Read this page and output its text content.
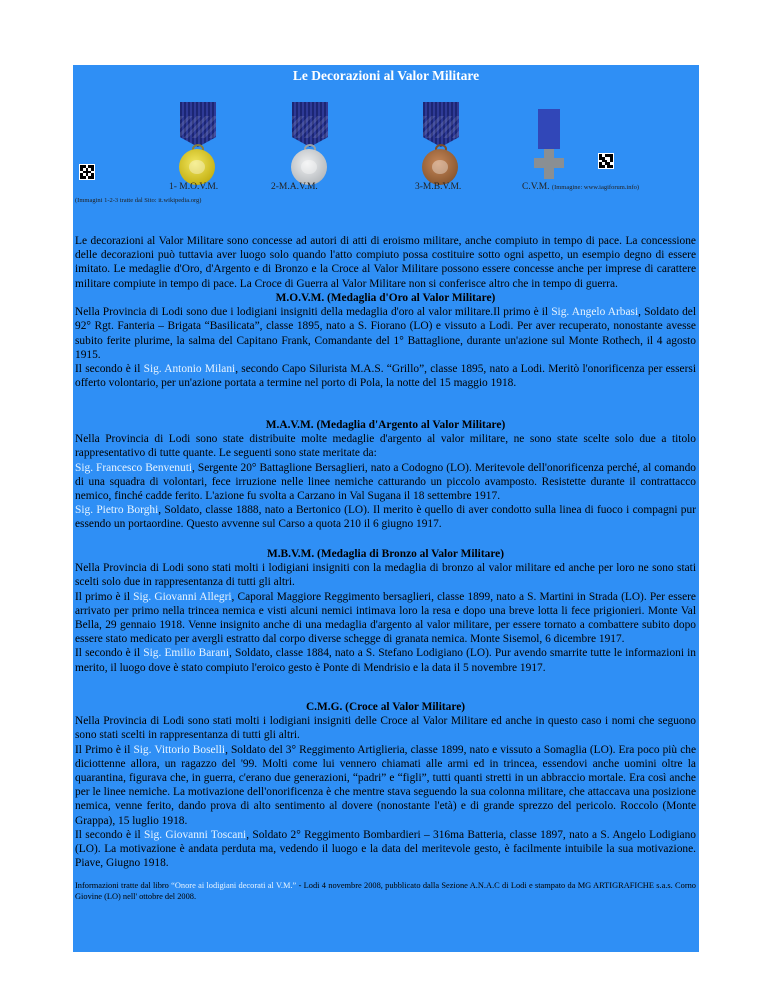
Le Decorazioni al Valor Militare
1- M.O.V.M.	2-M.A.V.M.	3-M.B.V.M.	C.V.M. (Immagine: www.iagiforum.info)
(Immagini 1-2-3 tratte dal Sito: it.wikipedia.org)

Le decorazioni al Valor Militare sono concesse ad autori di atti di eroismo militare, anche compiuto in tempo di pace. La concessione delle decorazioni può tuttavia aver luogo solo quando l'atto compiuto possa costituire sotto ogni aspetto, un esempio degno di essere imitato. Le medaglie d'Oro, d'Argento e di Bronzo e la Croce al Valor Militare possono essere concesse anche per imprese di carattere militare compiute in tempo di pace. La Croce di Guerra al Valor Militare non si conferisce altro che in tempo di guerra.

M.O.V.M. (Medaglia d'Oro al Valor Militare)

Nella Provincia di Lodi sono due i lodigiani insigniti della medaglia d'oro al valor militare.Il primo è il Sig. Angelo Arbasi, Soldato del 92° Rgt. Fanteria – Brigata “Basilicata”, classe 1895, nato a S. Fiorano (LO) e vissuto a Lodi. Per aver recuperato, nonostante avesse subito ferite plurime, la salma del Capitano Frank, Comandante del 1° Battaglione, durante un'azione sul Monte Rothech, il 4 agosto 1915.

Il secondo è il Sig. Antonio Milani, secondo Capo Silurista M.A.S. “Grillo”, classe 1895, nato a Lodi. Meritò l'onorificenza per essersi offerto volontario, per un'azione portata a termine nel porto di Pola, la notte del 15 maggio 1918.

M.A.V.M. (Medaglia d'Argento al Valor Militare)

Nella Provincia di Lodi sono state distribuite molte medaglie d'argento al valor militare, ne sono state scelte solo due a titolo rappresentativo di tutte quante. Le seguenti sono state meritate da:

Sig. Francesco Benvenuti, Sergente 20° Battaglione Bersaglieri, nato a Codogno (LO). Meritevole dell'onorificenza perché, al comando di una squadra di volontari, fece irruzione nelle linee nemiche catturando un piccolo avamposto. Resistette durante il contrattacco nemico, finché cadde ferito. L'azione fu svolta a Carzano in Val Sugana il 18 settembre 1917.

Sig. Pietro Borghi, Soldato, classe 1888, nato a Bertonico (LO). Il merito è quello di aver condotto sulla linea di fuoco i compagni pur essendo un portaordine. Questo avvenne sul Carso a quota 210 il 6 giugno 1917.

M.B.V.M. (Medaglia di Bronzo al Valor Militare)

Nella Provincia di Lodi sono stati molti i lodigiani insigniti con la medaglia di bronzo al valor militare ed anche per loro ne sono stati scelti solo due in rappresentanza di tutti gli altri.

Il primo è il Sig. Giovanni Allegri, Caporal Maggiore Reggimento bersaglieri, classe 1899, nato a S. Martini in Strada (LO). Per essere arrivato per primo nella trincea nemica e visti alcuni nemici intimava loro la resa e dopo una breve lotta li fece prigionieri. Monte Val Bella, 29 gennaio 1918. Venne insignito anche di una medaglia d'argento al valor militare, per essere tornato a combattere subito dopo essere stato medicato per avergli estratto dal corpo diverse schegge di granata nemica. Monte Sisemol, 6 dicembre 1917.

Il secondo è il Sig. Emilio Barani, Soldato, classe 1884, nato a S. Stefano Lodigiano (LO). Pur avendo smarrite tutte le informazioni in merito, il luogo dove è stato compiuto l'eroico gesto è Ponte di Mendrisio e la data il 5 novembre 1917.

C.M.G. (Croce al Valor Militare)

Nella Provincia di Lodi sono stati molti i lodigiani insigniti delle Croce al Valor Militare ed anche in questo caso i nomi che seguono sono stati scelti in rappresentanza di tutti gli altri.

Il Primo è il Sig. Vittorio Boselli, Soldato del 3° Reggimento Artiglieria, classe 1899, nato e vissuto a Somaglia (LO). Era poco più che diciottenne allora, un ragazzo del '99. Molti come lui vennero chiamati alle armi ed in trincea, essendovi anche uomini oltre la quarantina, figurava che, in guerra, c'erano due generazioni, “padri” e “figli”, tutti quanti stretti in un abbraccio mortale. Era così anche per le linee nemiche. La motivazione dell'onorificenza è che mentre stava seguendo la sua colonna militare, che attaccava una posizione nemica, venne ferito, dando prova di alto sentimento al dovere (nonostante l'età) e di grande sprezzo del pericolo. Roccolo (Monte Grappa), 15 luglio 1918.

Il secondo è il Sig. Giovanni Toscani, Soldato 2° Reggimento Bombardieri – 316ma Batteria, classe 1897, nato a S. Angelo Lodigiano (LO). La motivazione è andata perduta ma, vedendo il luogo e la data del meritevole gesto, è facilmente intuibile la sua motivazione. Piave, Giugno 1918.

Informazioni tratte dal libro “Onore ai lodigiani decorati al V.M.” - Lodi 4 novembre 2008, pubblicato dalla Sezione A.N.A.C di Lodi e stampato da MG ARTIGRAFICHE s.a.s. Corno Giovine (LO) nell' ottobre del 2008.
